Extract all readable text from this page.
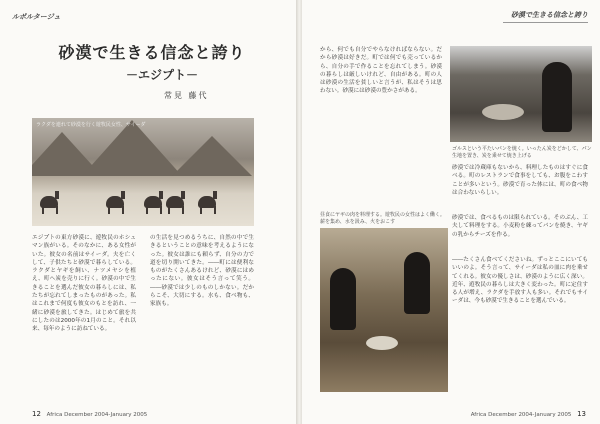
ルポルタージュ
砂漠で生きる信念と誇り
－エジプト－
常見 藤代
ラクダを連れて砂漠を行く遊牧民女性、サイーダ
エジプトの東方砂漠に、遊牧民のホシュマン族がいる。そのなかに、ある女性がいた。彼女の名前はサイーダ。夫を亡くして、子供たちと砂漠で暮らしている。ラクダとヤギを飼い、ナツメヤシを植え、町へ炭を売りに行く。砂漠の中で生きることを選んだ彼女の暮らしには、私たちが忘れてしまったものがあった。私はこれまで何度も彼女のもとを訪れ、一緒に砂漠を旅してきた。はじめて旅を共にしたのは2000年の1月のこと。それ以来、毎年のように訪ねている。
の生活を見つめるうちに、自然の中で生きるということの意味を考えるようになった。彼女は誰にも頼らず、自分の力で道を切り開いてきた。――町には便利なものがたくさんあるけれど、砂漠にはめったにない。彼女はそう言って笑う。――砂漠では少しのものしかない。だからこそ、大切にする。水も、食べ物も、家族も。
12 Africa December 2004-January 2005
砂漠で生きる信念と誇り
から、何でも自分でやらなければならない。だから砂漠は好きだ。町では何でも売っているから、自分の手で作ることを忘れてしまう。砂漠の暮らしは厳しいけれど、自由がある。町の人は砂漠の生活を貧しいと言うが、私はそうは思わない。砂漠には砂漠の豊かさがある。
ゴルスという平たいパンを焼く。いったん炭をどかして、パン生地を置き、炭を乗せて焼き上げる
昼食にヤギの肉を料理する。遊牧民の女性はよく働く。薪を集め、水を汲み、火をおこす
砂漠では冷蔵庫もないから、料理したものはすぐに食べる。町のレストランで食事をしても、お腹をこわすことが多いという。砂漠で育った体には、町の食べ物は合わないらしい。
砂漠では、食べるものは限られている。そのぶん、工夫して料理をする。小麦粉を練ってパンを焼き、ヤギの乳からチーズを作る。
――たくさん食べてくださいね。ずっとここにいてもいいのよ。そう言って、サイーダは私の皿に肉を乗せてくれる。彼女の優しさは、砂漠のように広く深い。近年、遊牧民の暮らしは大きく変わった。町に定住する人が増え、ラクダを手放す人も多い。それでもサイーダは、今も砂漠で生きることを選んでいる。
Africa December 2004-January 2005 13
